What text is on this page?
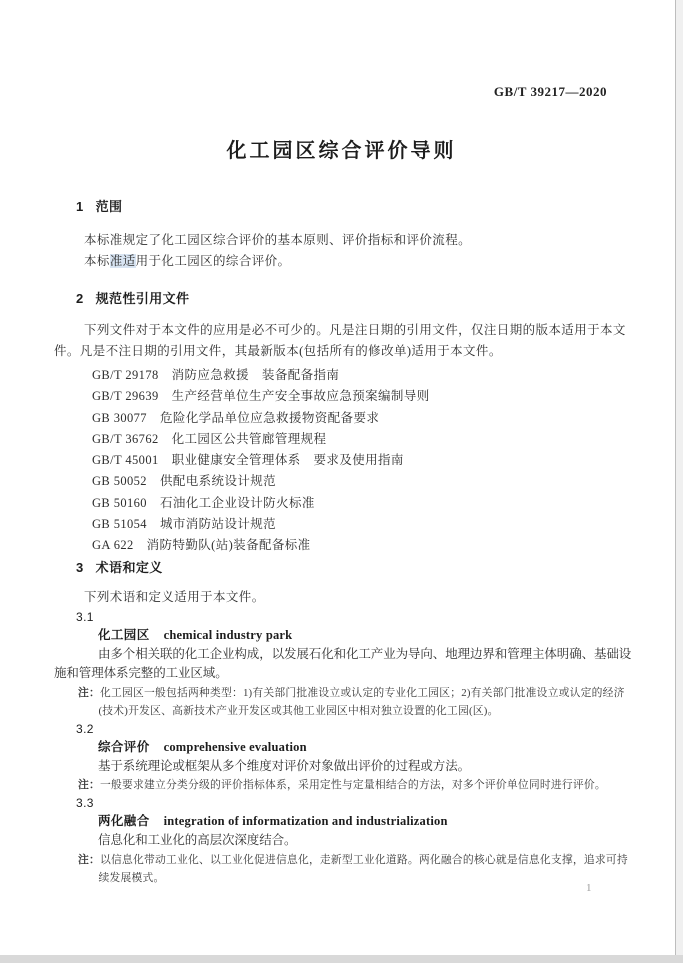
GB/T 39217—2020
化工园区综合评价导则
1 范围

本标准规定了化工园区综合评价的基本原则、评价指标和评价流程。

本标准适用于化工园区的综合评价。

2 规范性引用文件

下列文件对于本文件的应用是必不可少的。凡是注日期的引用文件，仅注日期的版本适用于本文件。凡是不注日期的引用文件，其最新版本(包括所有的修改单)适用于本文件。

GB/T 29178 消防应急救援　装备配备指南
GB/T 29639 生产经营单位生产安全事故应急预案编制导则
GB 30077 危险化学品单位应急救援物资配备要求
GB/T 36762 化工园区公共管廊管理规程
GB/T 45001 职业健康安全管理体系　要求及使用指南
GB 50052 供配电系统设计规范
GB 50160 石油化工企业设计防火标准
GB 51054 城市消防站设计规范
GA 622 消防特勤队(站)装备配备标准
3 术语和定义

下列术语和定义适用于本文件。

3.1
化工园区 chemical industry park

由多个相关联的化工企业构成，以发展石化和化工产业为导向、地理边界和管理主体明确、基础设施和管理体系完整的工业区域。

注：化工园区一般包括两种类型：1)有关部门批准设立或认定的专业化工园区；2)有关部门批准设立或认定的经济(技术)开发区、高新技术产业开发区或其他工业园区中相对独立设置的化工园(区)。

3.2
综合评价 comprehensive evaluation

基于系统理论或框架从多个维度对评价对象做出评价的过程或方法。

注：一般要求建立分类分级的评价指标体系，采用定性与定量相结合的方法，对多个评价单位同时进行评价。

3.3
两化融合 integration of informatization and industrialization

信息化和工业化的高层次深度结合。

注：以信息化带动工业化、以工业化促进信息化，走新型工业化道路。两化融合的核心就是信息化支撑，追求可持续发展模式。

1
